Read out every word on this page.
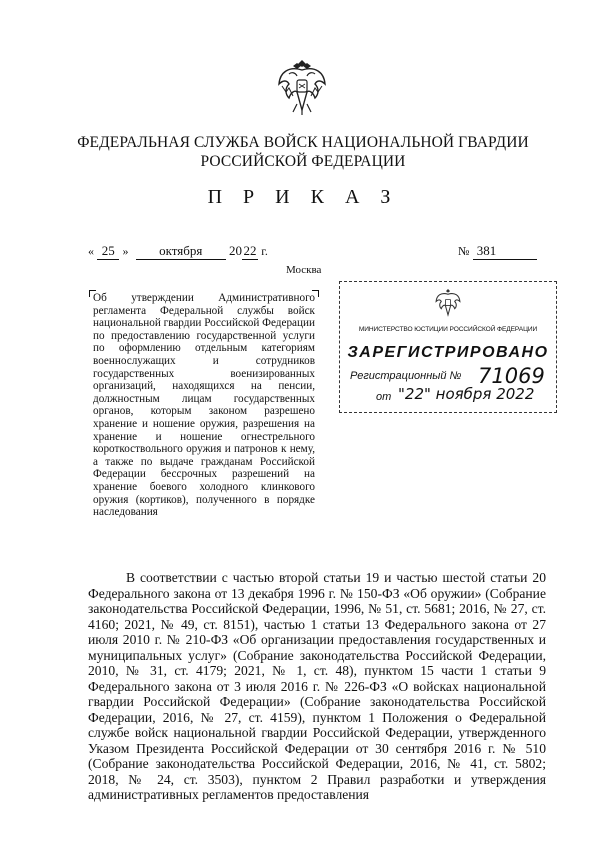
ФЕДЕРАЛЬНАЯ СЛУЖБА ВОЙСК НАЦИОНАЛЬНОЙ ГВАРДИИ
РОССИЙСКОЙ ФЕДЕРАЦИИ
П Р И К А З
« 25 » октября 20 22 г.	№ 381
Москва
Об утверждении Административного регламента Федеральной службы войск национальной гвардии Российской Федерации по предоставлению государственной услуги по оформлению отдельным категориям военнослужащих и сотрудников государственных военизированных организаций, находящихся на пенсии, должностным лицам государственных органов, которым законом разрешено хранение и ношение оружия, разрешения на хранение и ношение огнестрельного короткоствольного оружия и патронов к нему, а также по выдаче гражданам Российской Федерации бессрочных разрешений на хранение боевого холодного клинкового оружия (кортиков), полученного в порядке наследования
МИНИСТЕРСТВО ЮСТИЦИИ РОССИЙСКОЙ ФЕДЕРАЦИИ
ЗАРЕГИСТРИРОВАНО
Регистрационный № 71069
от "22" ноября 2022
В соответствии с частью второй статьи 19 и частью шестой статьи 20 Федерального закона от 13 декабря 1996 г. № 150-ФЗ «Об оружии» (Собрание законодательства Российской Федерации, 1996, № 51, ст. 5681; 2016, № 27, ст. 4160; 2021, № 49, ст. 8151), частью 1 статьи 13 Федерального закона от 27 июля 2010 г. № 210-ФЗ «Об организации предоставления государственных и муниципальных услуг» (Собрание законодательства Российской Федерации, 2010, № 31, ст. 4179; 2021, № 1, ст. 48), пунктом 15 части 1 статьи 9 Федерального закона от 3 июля 2016 г. № 226-ФЗ «О войсках национальной гвардии Российской Федерации» (Собрание законодательства Российской Федерации, 2016, № 27, ст. 4159), пунктом 1 Положения о Федеральной службе войск национальной гвардии Российской Федерации, утвержденного Указом Президента Российской Федерации от 30 сентября 2016 г. № 510 (Собрание законодательства Российской Федерации, 2016, № 41, ст. 5802; 2018, № 24, ст. 3503), пунктом 2 Правил разработки и утверждения административных регламентов предоставления
